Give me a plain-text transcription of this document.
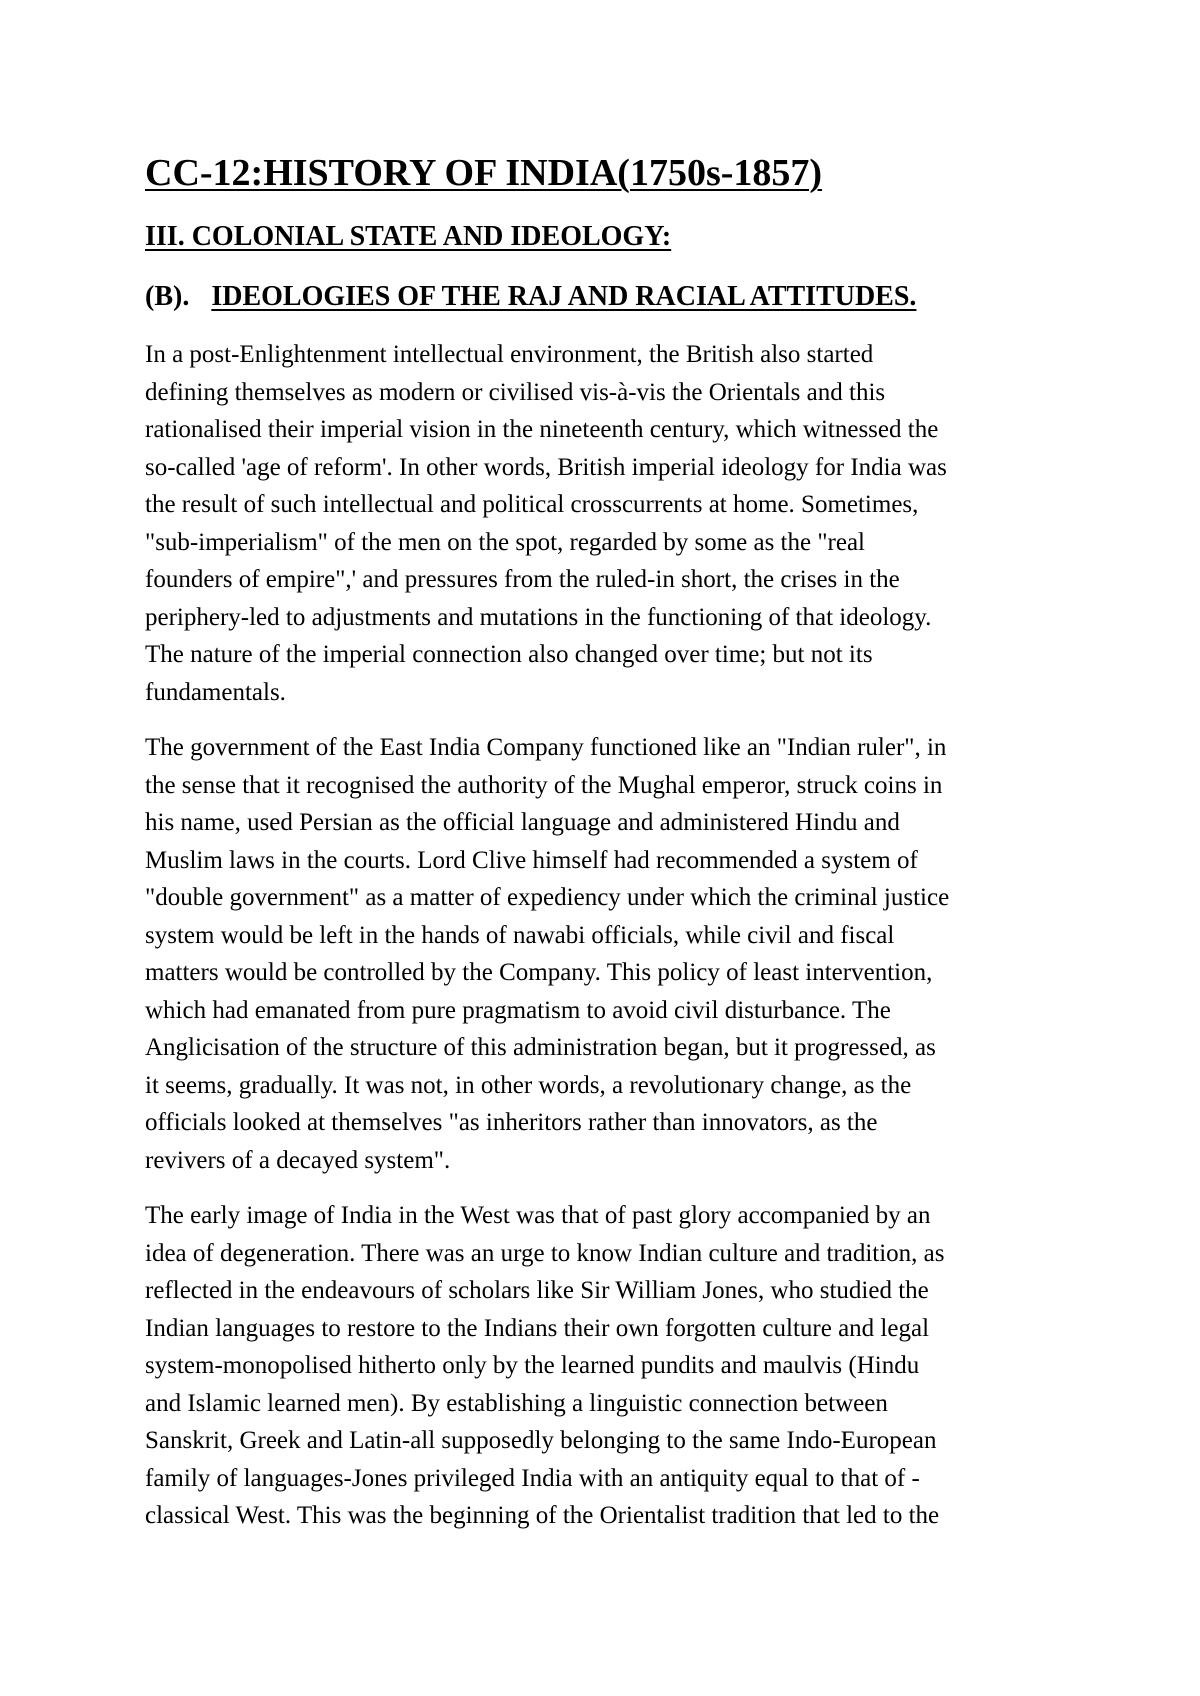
CC-12:HISTORY OF INDIA(1750s-1857)
III. COLONIAL STATE AND IDEOLOGY:
(B). IDEOLOGIES OF THE RAJ AND RACIAL ATTITUDES.
In a post-Enlightenment intellectual environment, the British also started
defining themselves as modern or civilised vis-à-vis the Orientals and this
rationalised their imperial vision in the nineteenth century, which witnessed the
so-called 'age of reform'. In other words, British imperial ideology for India was
the result of such intellectual and political crosscurrents at home. Sometimes,
"sub-imperialism" of the men on the spot, regarded by some as the "real
founders of empire",' and pressures from the ruled-in short, the crises in the
periphery-led to adjustments and mutations in the functioning of that ideology.
The nature of the imperial connection also changed over time; but not its
fundamentals.
The government of the East India Company functioned like an "Indian ruler", in
the sense that it recognised the authority of the Mughal emperor, struck coins in
his name, used Persian as the official language and administered Hindu and
Muslim laws in the courts. Lord Clive himself had recommended a system of
"double government" as a matter of expediency under which the criminal justice
system would be left in the hands of nawabi officials, while civil and fiscal
matters would be controlled by the Company. This policy of least intervention,
which had emanated from pure pragmatism to avoid civil disturbance. The
Anglicisation of the structure of this administration began, but it progressed, as
it seems, gradually. It was not, in other words, a revolutionary change, as the
officials looked at themselves "as inheritors rather than innovators, as the
revivers of a decayed system".
The early image of India in the West was that of past glory accompanied by an
idea of degeneration. There was an urge to know Indian culture and tradition, as
reflected in the endeavours of scholars like Sir William Jones, who studied the
Indian languages to restore to the Indians their own forgotten culture and legal
system-monopolised hitherto only by the learned pundits and maulvis (Hindu
and Islamic learned men). By establishing a linguistic connection between
Sanskrit, Greek and Latin-all supposedly belonging to the same Indo-European
family of languages-Jones privileged India with an antiquity equal to that of -
classical West. This was the beginning of the Orientalist tradition that led to the
